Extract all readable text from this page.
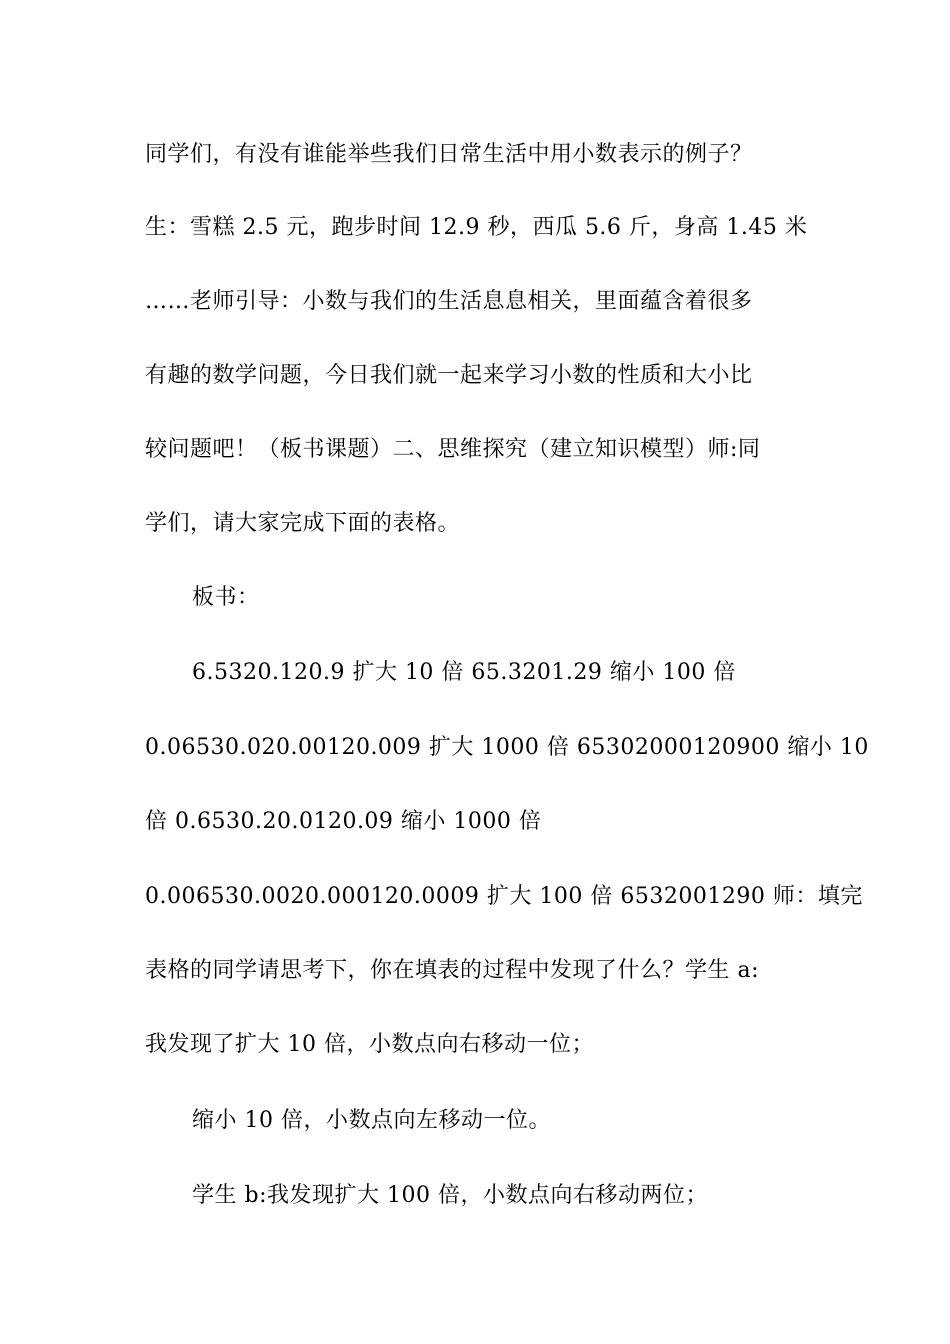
同学们，有没有谁能举些我们日常生活中用小数表示的例子？
生：雪糕 2.5 元，跑步时间 12.9 秒，西瓜 5.6 斤，身高 1.45 米
……老师引导：小数与我们的生活息息相关，里面蕴含着很多
有趣的数学问题，今日我们就一起来学习小数的性质和大小比
较问题吧！（板书课题）二、思维探究（建立知识模型）师:同
学们，请大家完成下面的表格。
板书：
6.5320.120.9 扩大 10 倍 65.3201.29 缩小 100 倍
0.06530.020.00120.009 扩大 1000 倍 65302000120900 缩小 10
倍 0.6530.20.0120.09 缩小 1000 倍
0.006530.0020.000120.0009 扩大 100 倍 6532001290 师：填完
表格的同学请思考下，你在填表的过程中发现了什么？学生 a:
我发现了扩大 10 倍，小数点向右移动一位；
缩小 10 倍，小数点向左移动一位。
学生 b:我发现扩大 100 倍，小数点向右移动两位；
